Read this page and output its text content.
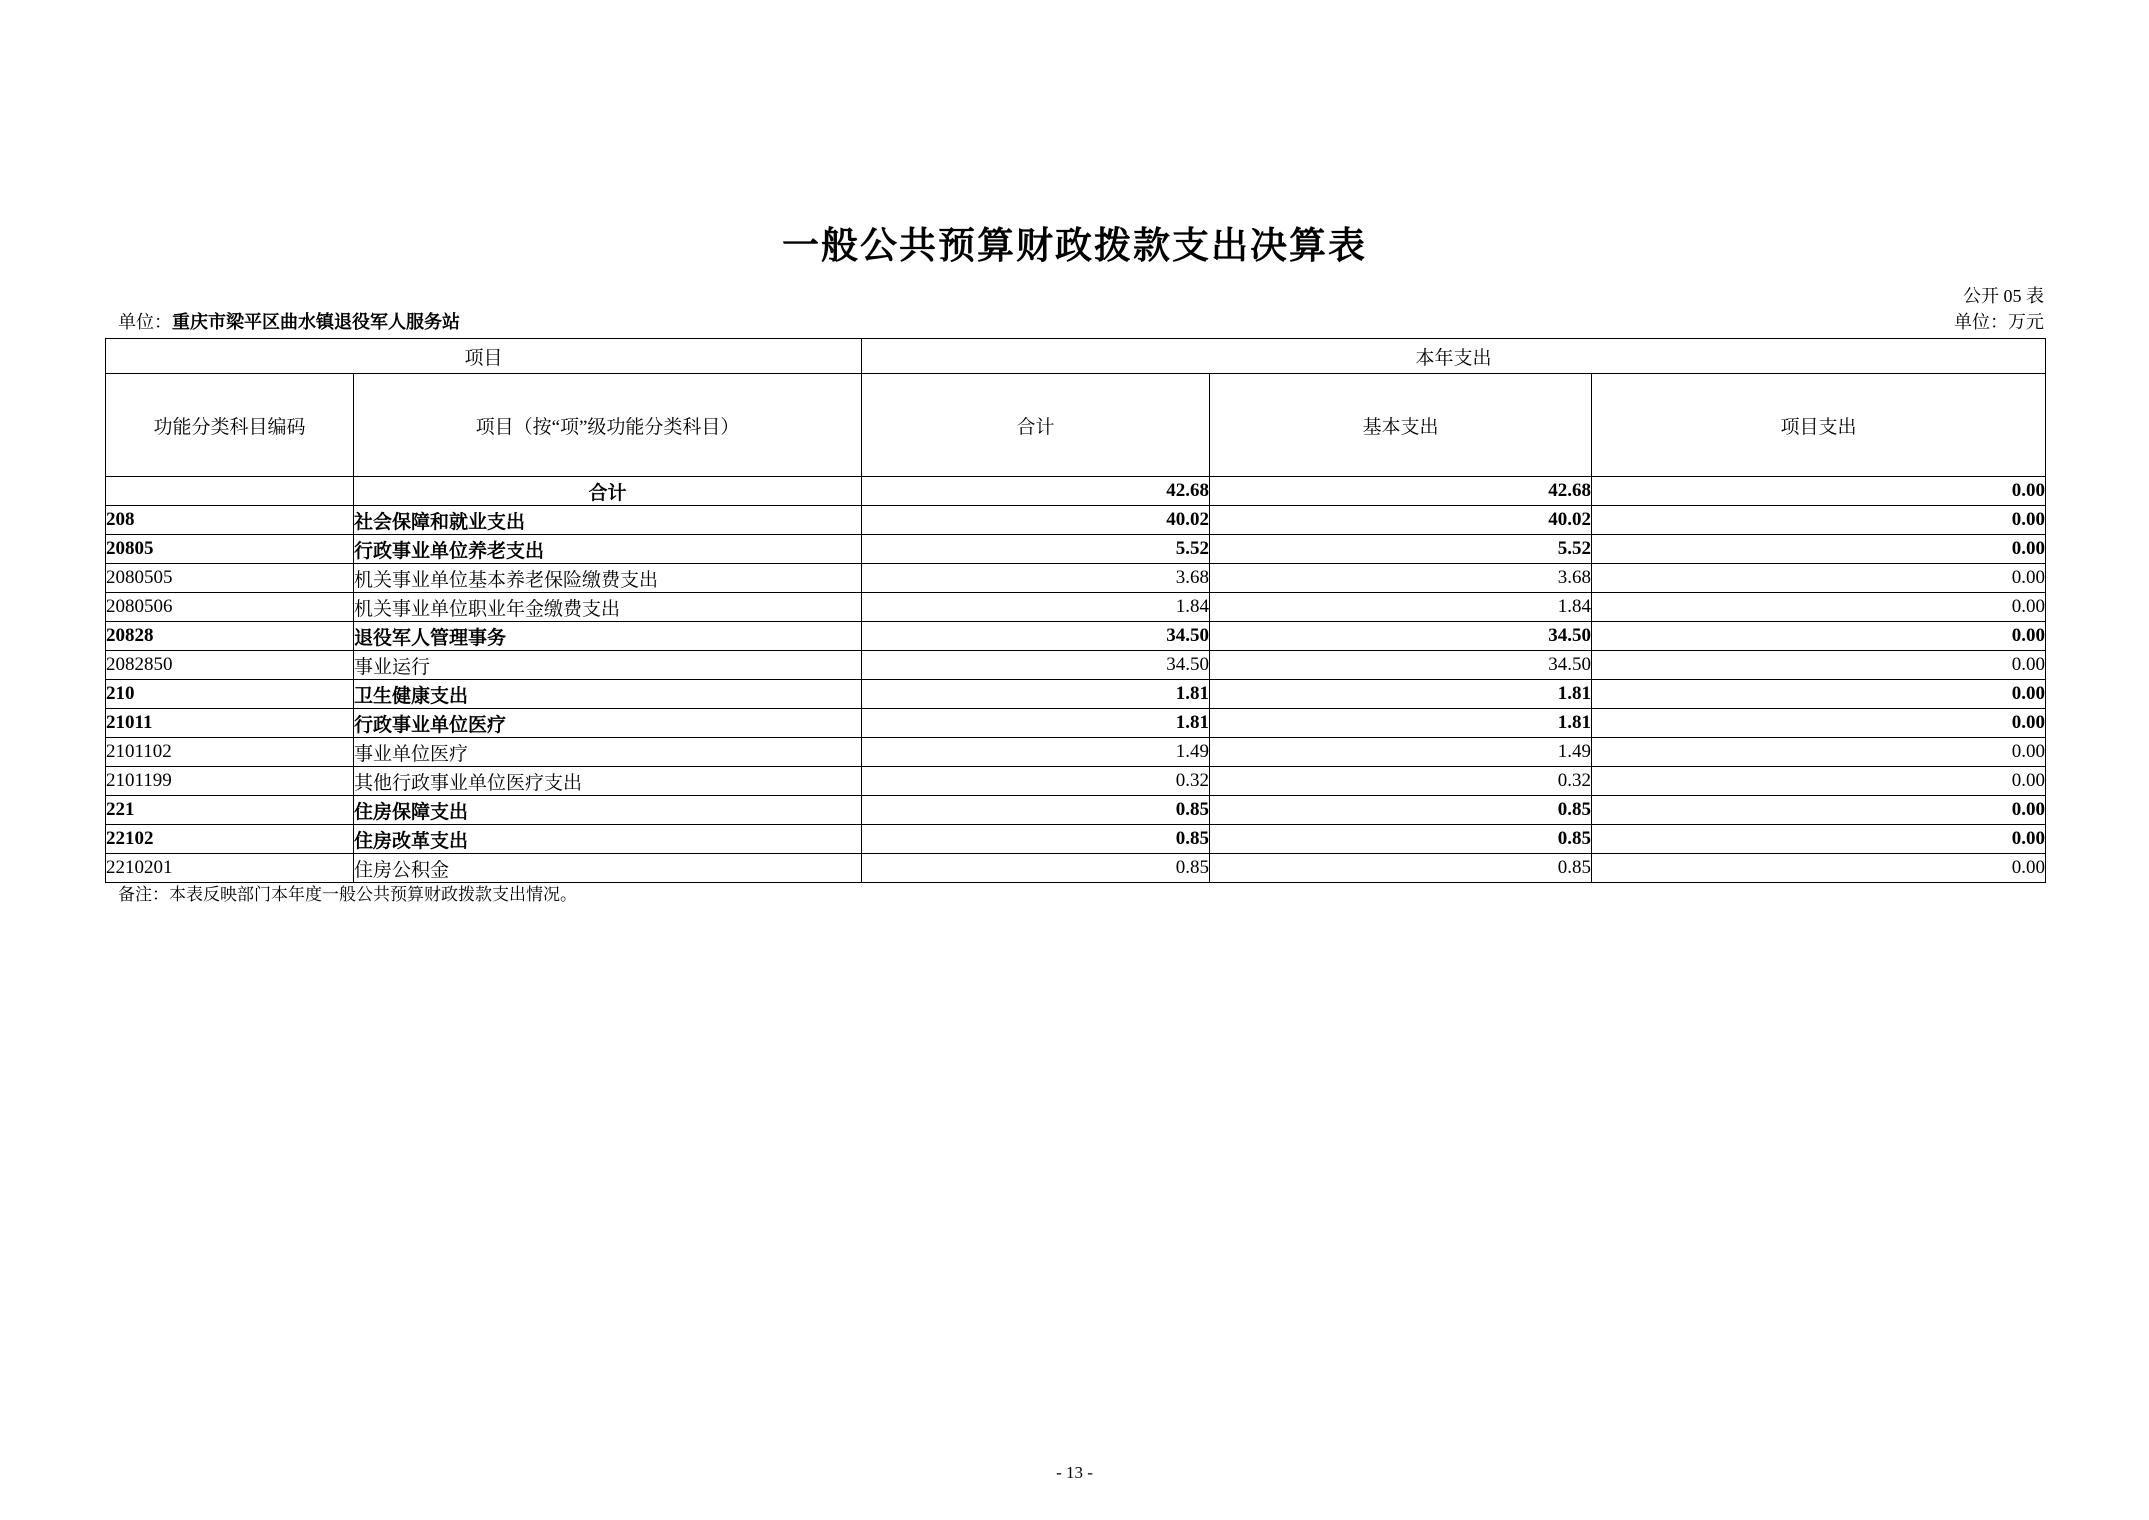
一般公共预算财政拨款支出决算表
公开 05 表
单位：万元
单位：重庆市梁平区曲水镇退役军人服务站
项目		本年支出		
功能分类科目编码	项目（按“项”级功能分类科目）	合计	基本支出	项目支出
	合计	42.68	42.68	0.00
208	社会保障和就业支出	40.02	40.02	0.00
20805	行政事业单位养老支出	5.52	5.52	0.00
2080505	机关事业单位基本养老保险缴费支出	3.68	3.68	0.00
2080506	机关事业单位职业年金缴费支出	1.84	1.84	0.00
20828	退役军人管理事务	34.50	34.50	0.00
2082850	事业运行	34.50	34.50	0.00
210	卫生健康支出	1.81	1.81	0.00
21011	行政事业单位医疗	1.81	1.81	0.00
2101102	事业单位医疗	1.49	1.49	0.00
2101199	其他行政事业单位医疗支出	0.32	0.32	0.00
221	住房保障支出	0.85	0.85	0.00
22102	住房改革支出	0.85	0.85	0.00
2210201	住房公积金	0.85	0.85	0.00
备注：本表反映部门本年度一般公共预算财政拨款支出情况。
- 13 -
